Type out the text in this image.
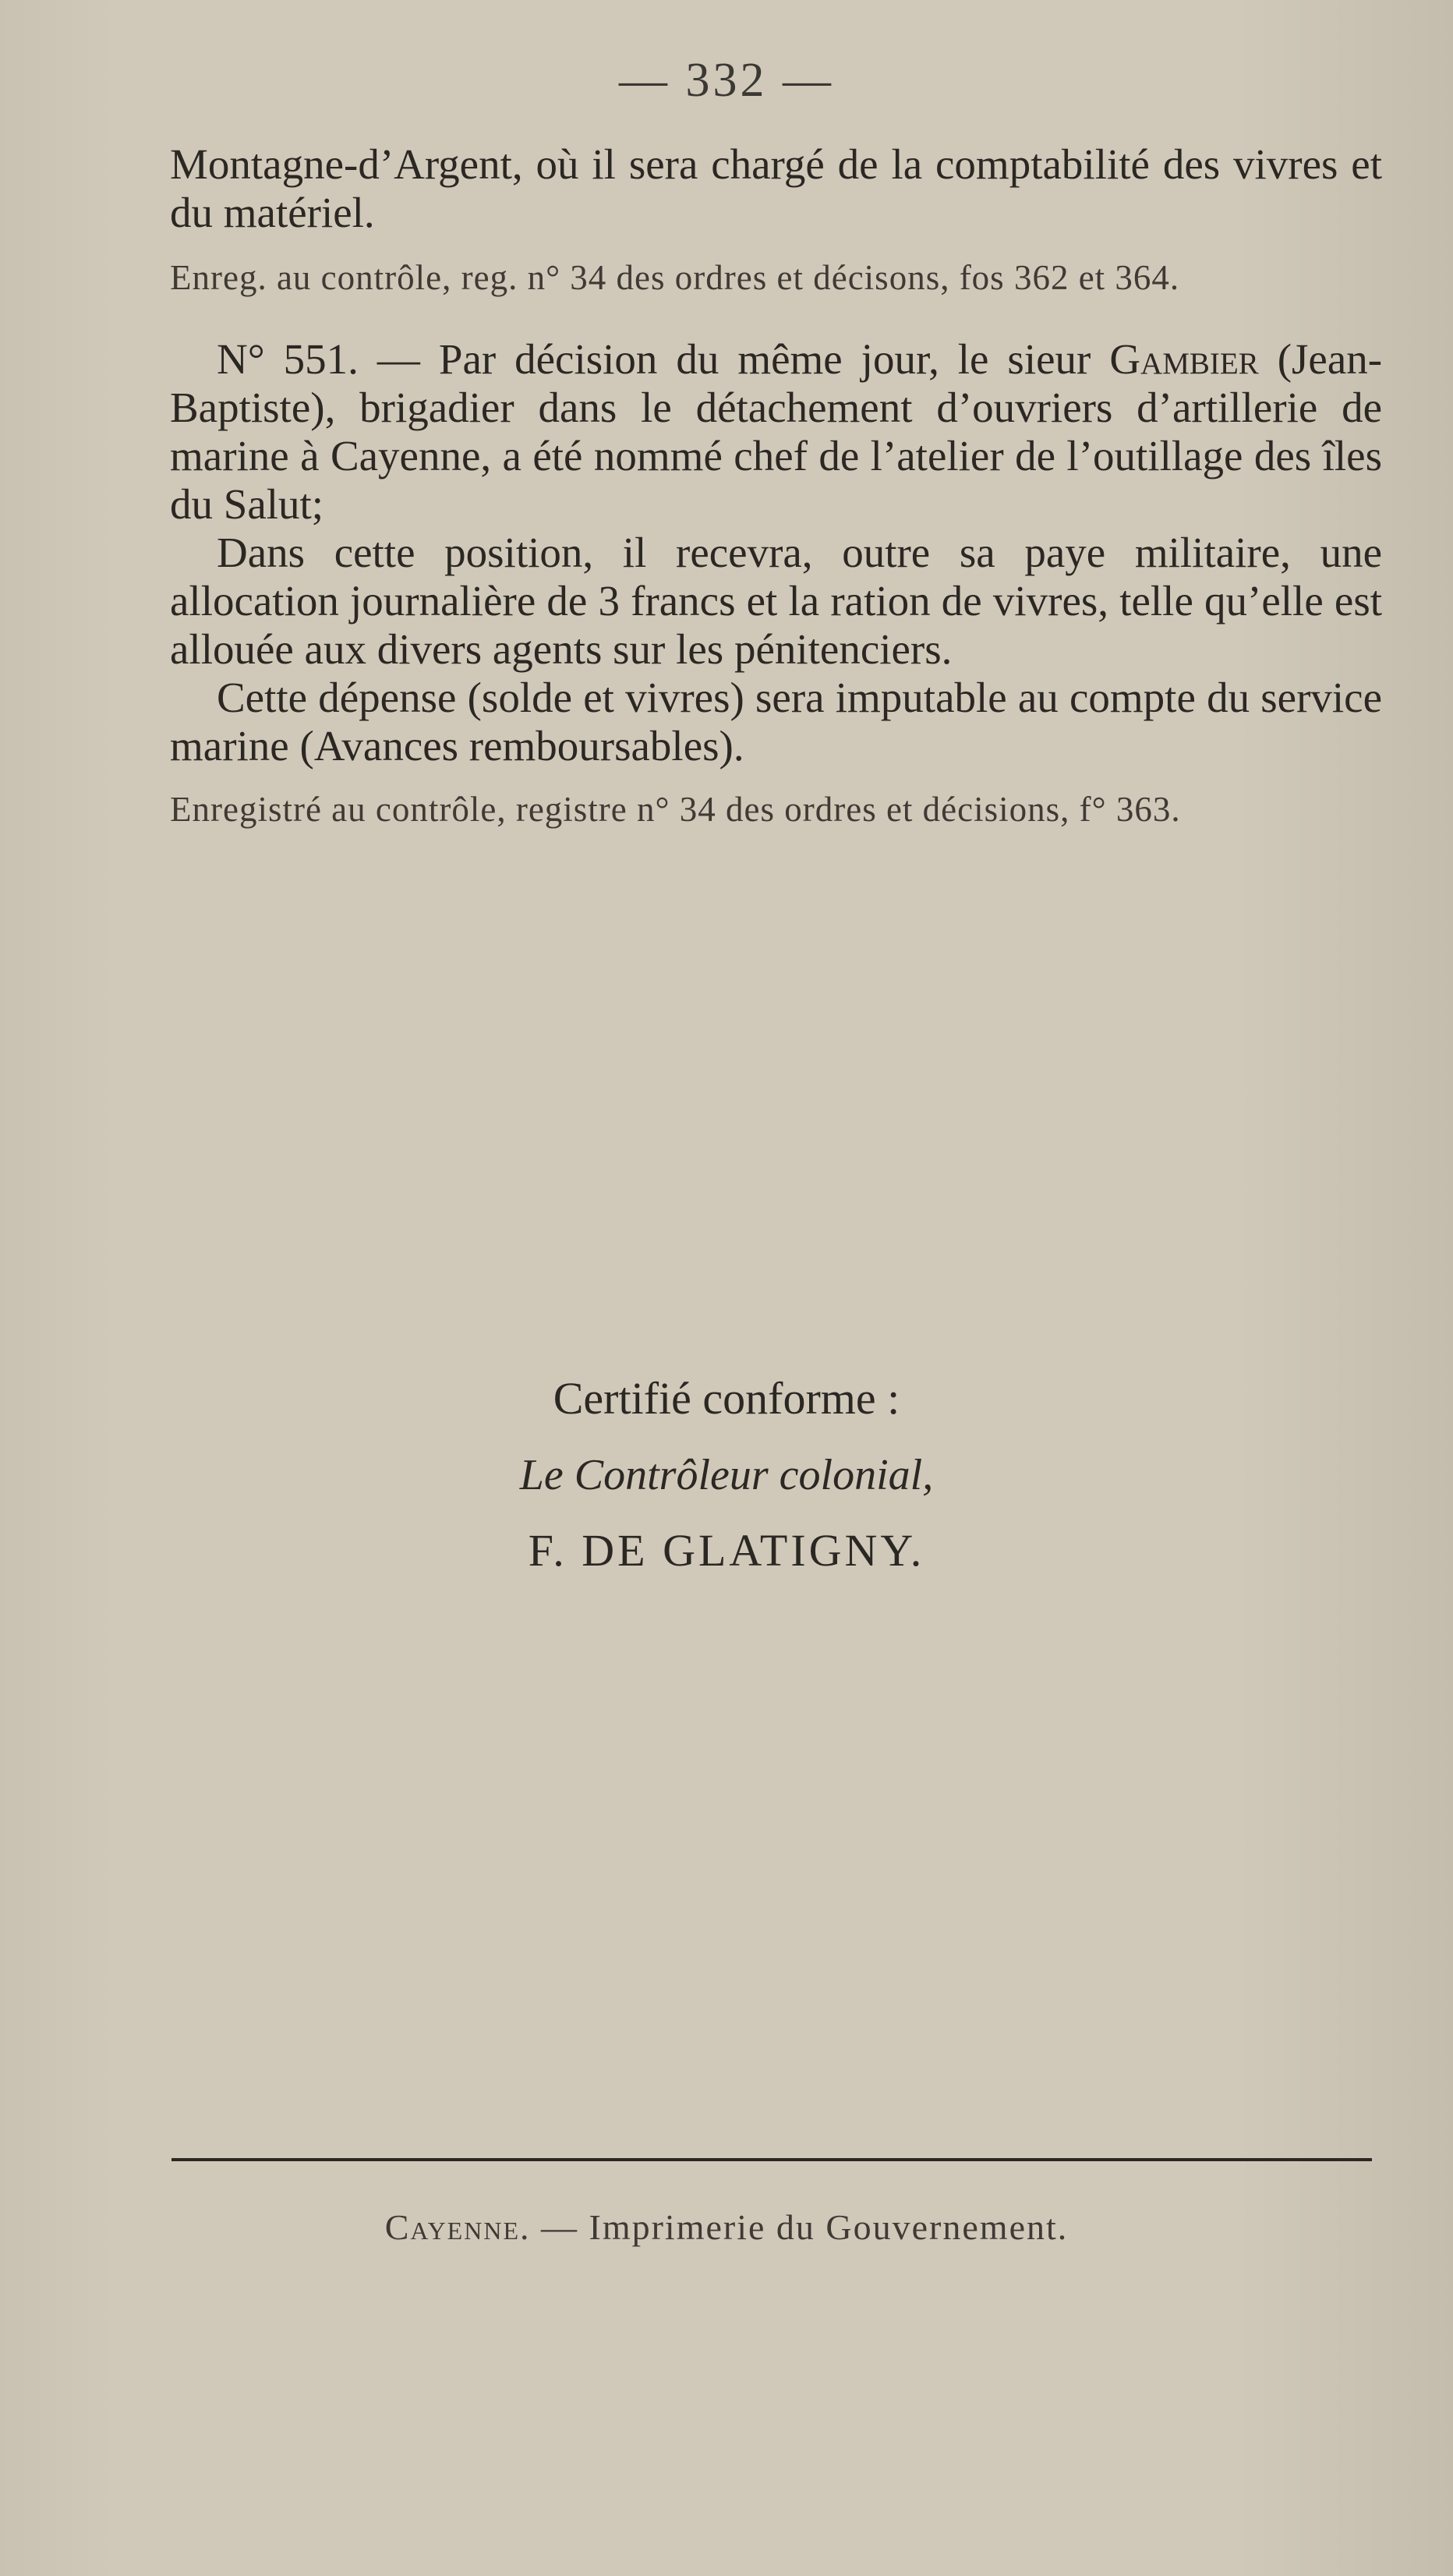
— 332 —

Montagne-d’Argent, où il sera chargé de la comptabilité des vivres et du matériel.

Enreg. au contrôle, reg. n° 34 des ordres et décisons, fos 362 et 364.

N° 551. — Par décision du même jour, le sieur Gambier (Jean-Baptiste), brigadier dans le détachement d’ouvriers d’artillerie de marine à Cayenne, a été nommé chef de l’atelier de l’outillage des îles du Salut;

Dans cette position, il recevra, outre sa paye militaire, une allocation journalière de 3 francs et la ration de vivres, telle qu’elle est allouée aux divers agents sur les pénitenciers.

Cette dépense (solde et vivres) sera imputable au compte du service marine (Avances remboursables).

Enregistré au contrôle, registre n° 34 des ordres et décisions, f° 363.

Certifié conforme :
Le Contrôleur colonial,
F. DE GLATIGNY.
Cayenne. — Imprimerie du Gouvernement.
